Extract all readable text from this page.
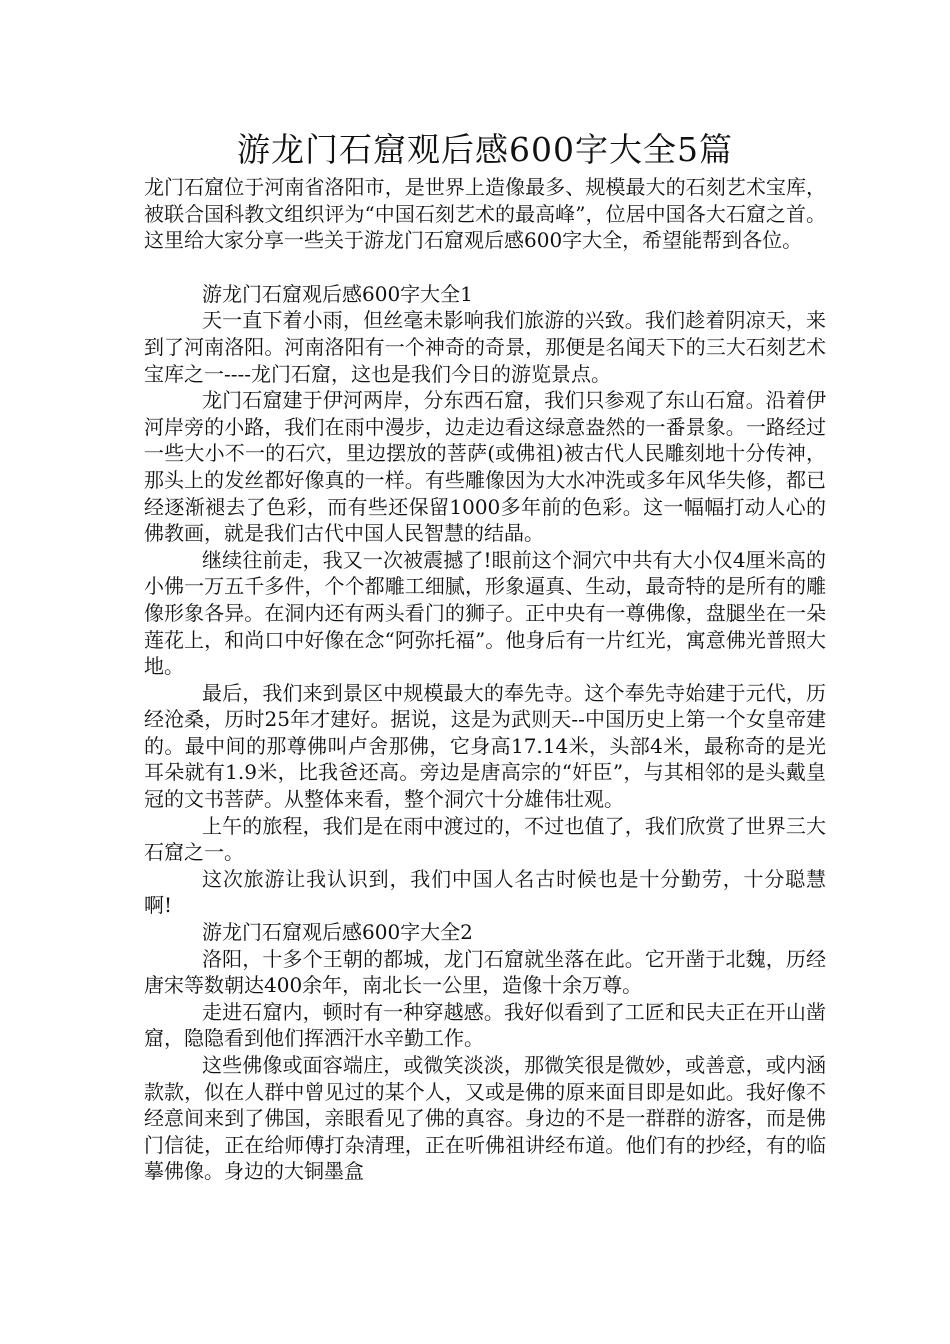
游龙门石窟观后感600字大全5篇

龙门石窟位于河南省洛阳市，是世界上造像最多、规模最大的石刻艺术宝库，被联合国科教文组织评为“中国石刻艺术的最高峰”，位居中国各大石窟之首。这里给大家分享一些关于游龙门石窟观后感600字大全，希望能帮到各位。

游龙门石窟观后感600字大全1

天一直下着小雨，但丝毫未影响我们旅游的兴致。我们趁着阴凉天，来到了河南洛阳。河南洛阳有一个神奇的奇景，那便是名闻天下的三大石刻艺术宝库之一----龙门石窟，这也是我们今日的游览景点。

龙门石窟建于伊河两岸，分东西石窟，我们只参观了东山石窟。沿着伊河岸旁的小路，我们在雨中漫步，边走边看这绿意盎然的一番景象。一路经过一些大小不一的石穴，里边摆放的菩萨(或佛祖)被古代人民雕刻地十分传神，那头上的发丝都好像真的一样。有些雕像因为大水冲洗或多年风华失修，都已经逐渐褪去了色彩，而有些还保留1000多年前的色彩。这一幅幅打动人心的佛教画，就是我们古代中国人民智慧的结晶。

继续往前走，我又一次被震撼了!眼前这个洞穴中共有大小仅4厘米高的小佛一万五千多件，个个都雕工细腻，形象逼真、生动，最奇特的是所有的雕像形象各异。在洞内还有两头看门的狮子。正中央有一尊佛像，盘腿坐在一朵莲花上，和尚口中好像在念“阿弥托福”。他身后有一片红光，寓意佛光普照大地。

最后，我们来到景区中规模最大的奉先寺。这个奉先寺始建于元代，历经沧桑，历时25年才建好。据说，这是为武则天--中国历史上第一个女皇帝建的。最中间的那尊佛叫卢舍那佛，它身高17.14米，头部4米，最称奇的是光耳朵就有1.9米，比我爸还高。旁边是唐高宗的“奸臣”，与其相邻的是头戴皇冠的文书菩萨。从整体来看，整个洞穴十分雄伟壮观。

上午的旅程，我们是在雨中渡过的，不过也值了，我们欣赏了世界三大石窟之一。

这次旅游让我认识到，我们中国人名古时候也是十分勤劳，十分聪慧啊!

游龙门石窟观后感600字大全2

洛阳，十多个王朝的都城，龙门石窟就坐落在此。它开凿于北魏，历经唐宋等数朝达400余年，南北长一公里，造像十余万尊。

走进石窟内，顿时有一种穿越感。我好似看到了工匠和民夫正在开山凿窟，隐隐看到他们挥洒汗水辛勤工作。

这些佛像或面容端庄，或微笑淡淡，那微笑很是微妙，或善意，或内涵款款，似在人群中曾见过的某个人，又或是佛的原来面目即是如此。我好像不经意间来到了佛国，亲眼看见了佛的真容。身边的不是一群群的游客，而是佛门信徒，正在给师傅打杂清理，正在听佛祖讲经布道。他们有的抄经，有的临摹佛像。身边的大铜墨盒
